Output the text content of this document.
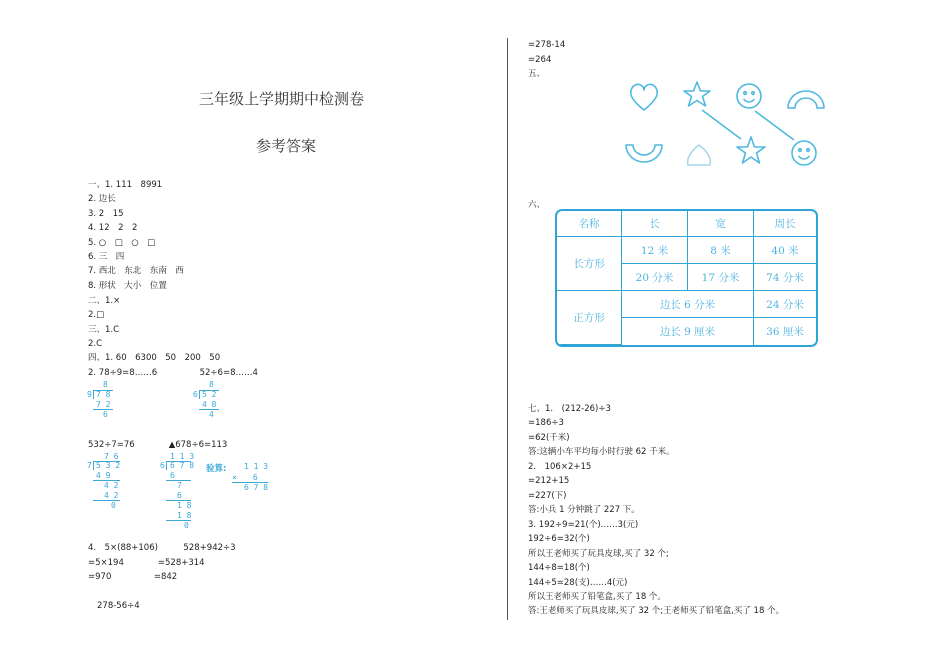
三年级上学期期中检测卷
参考答案
一、1. 111　8991
2. 边长
3. 2　15
4. 12　2　2
5. ○　□　○　□
6. 三　四
7. 西北　东北　东南　西
8. 形状　大小　位置
二、1.×
2.□
三、1.C
2.C
四、1. 60　6300　50　200　50
2. 78÷9=8……6　　　　　52÷6=8……4
8
9 7 8
7 2
6
8
6 5 2
4 8
4
532÷7=76　　　　▲678÷6=113
7 6
7 5 3 2
4 9
4 2
4 2
0
1 1 3
6 6 7 8
6
7
6
1 8
1 8
0
验算: 1 1 3
×　　6
6 7 8
4.　5×(88+106)　　　528+942÷3
=5×194　　　　=528+314
=970　　　　　=842
278-56÷4
=278-14
=264
五、
六、
名称	长	宽	周长
长方形	12 米	8 米	40 米
	20 分米	17 分米	74 分米
正方形	边长 6 分米		24 分米
	边长 9 厘米		36 厘米
七、1.　(212-26)÷3
=186÷3
=62(千米)
答:这辆小车平均每小时行驶 62 千米。
2.　106×2+15
=212+15
=227(下)
答:小兵 1 分钟跳了 227 下。
3. 192÷9=21(个)……3(元)
192÷6=32(个)
所以王老师买了玩具皮球,买了 32 个;
144÷8=18(个)
144÷5=28(支)……4(元)
所以王老师买了铅笔盒,买了 18 个。
答:王老师买了玩具皮球,买了 32 个;王老师买了铅笔盒,买了 18 个。
